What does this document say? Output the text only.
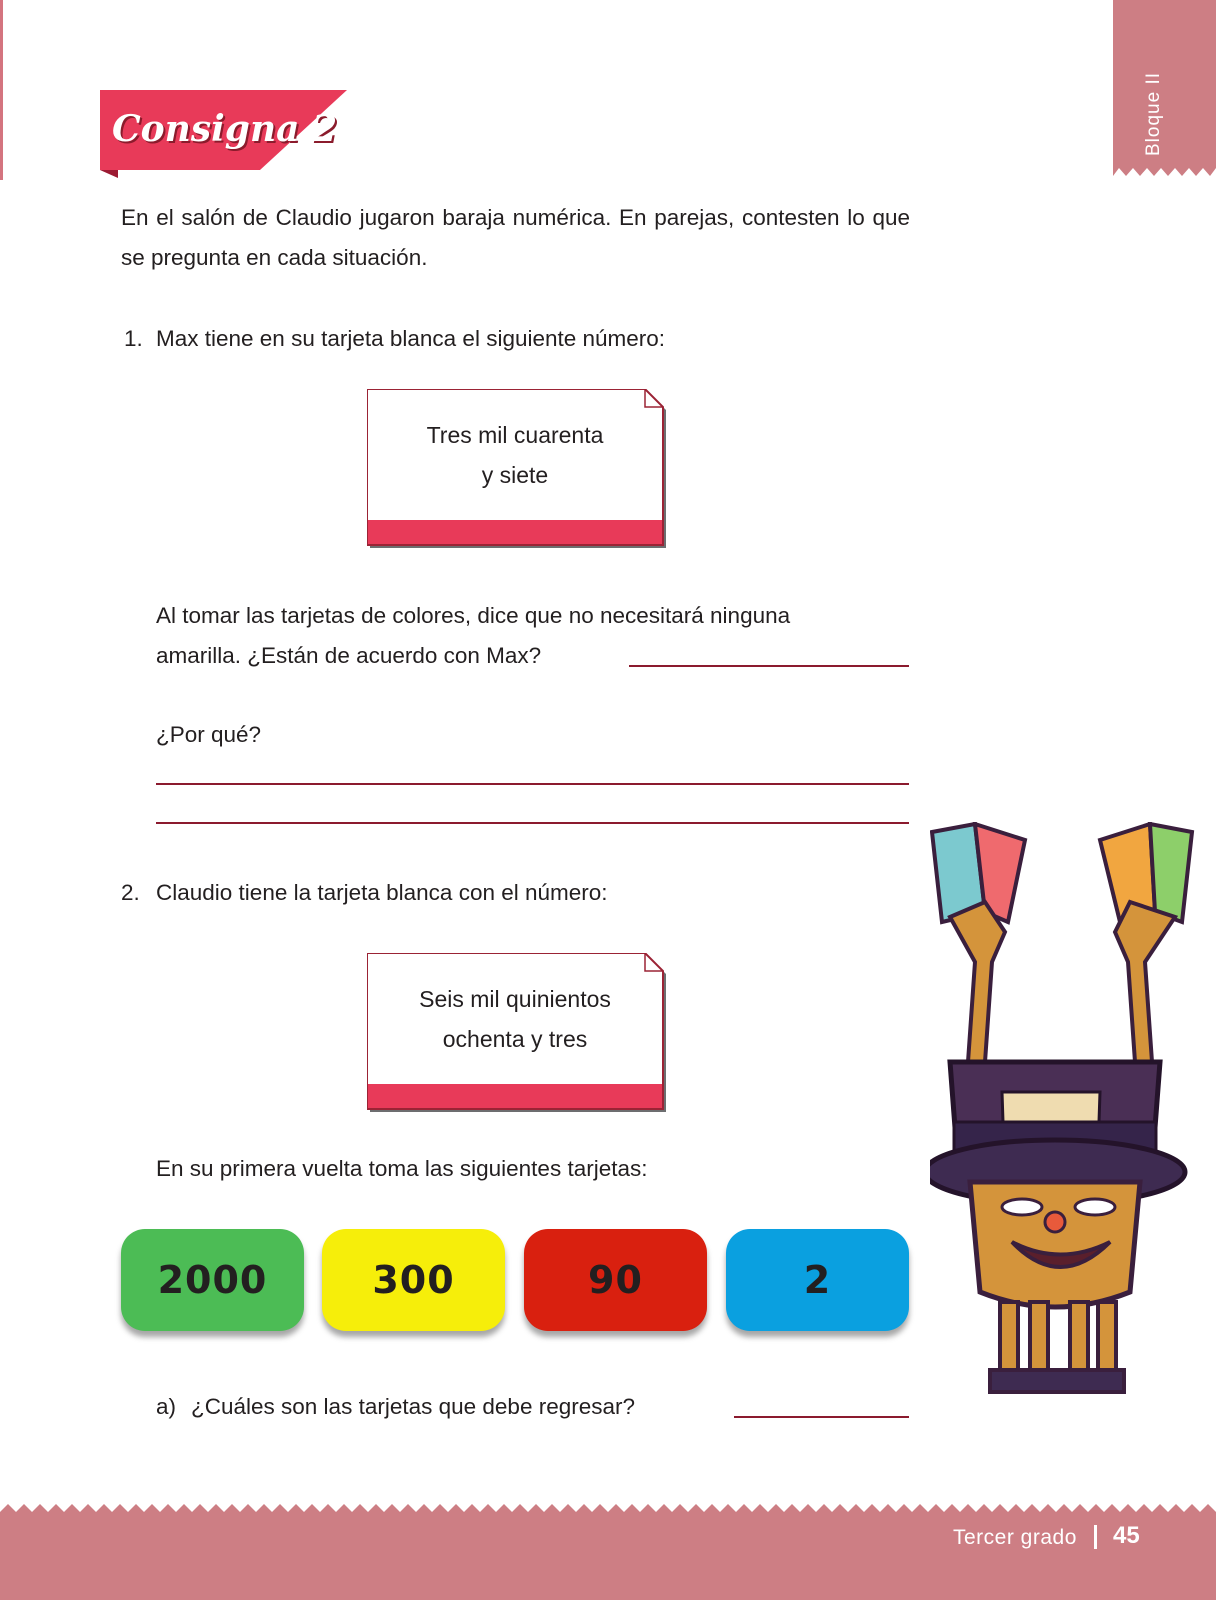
Bloque II
Consigna 2
En el salón de Claudio jugaron baraja numérica. En parejas, contesten lo que se pregunta en cada situación.
1. Max tiene en su tarjeta blanca el siguiente número:
Tres mil cuarenta
y siete
Al tomar las tarjetas de colores, dice que no necesitará ninguna
amarilla. ¿Están de acuerdo con Max?
¿Por qué?
2. Claudio tiene la tarjeta blanca con el número:
Seis mil quinientos
ochenta y tres
En su primera vuelta toma las siguientes tarjetas:
2000	300	90	2
a) ¿Cuáles son las tarjetas que debe regresar?
Tercer grado 45
